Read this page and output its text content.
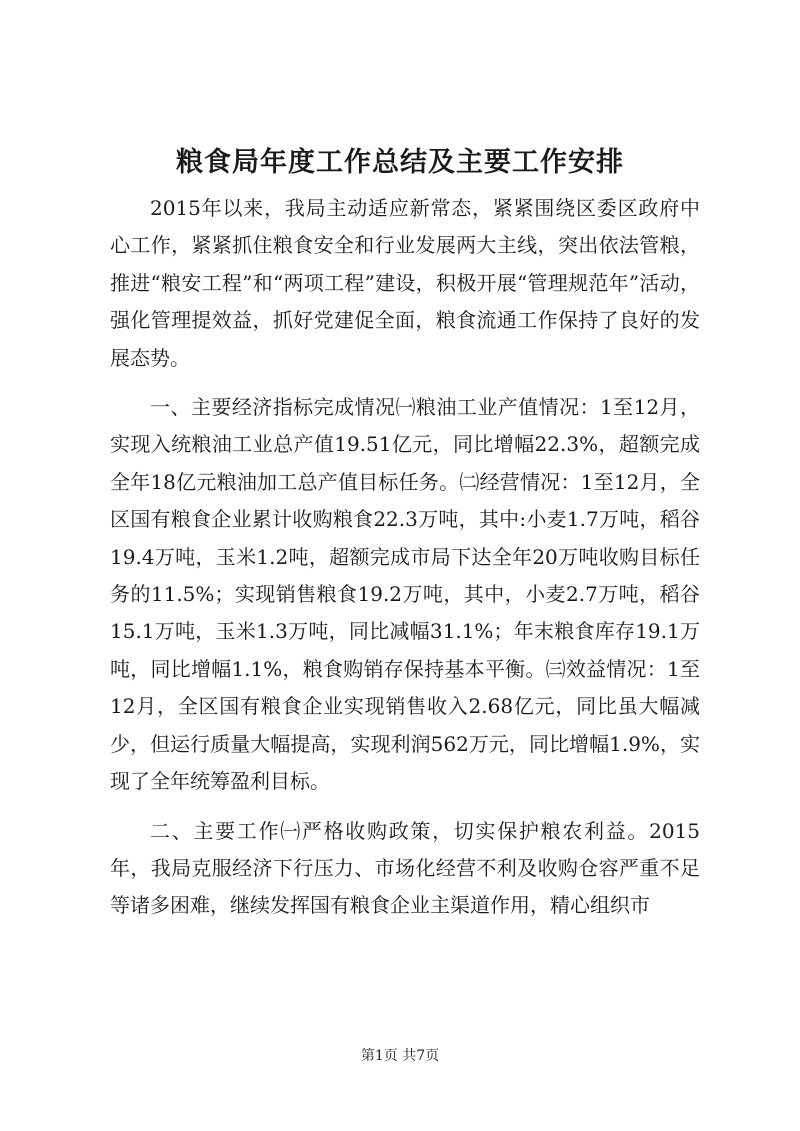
粮食局年度工作总结及主要工作安排

2015年以来，我局主动适应新常态，紧紧围绕区委区政府中心工作，紧紧抓住粮食安全和行业发展两大主线，突出依法管粮，推进“粮安工程”和“两项工程”建设，积极开展“管理规范年”活动，强化管理提效益，抓好党建促全面，粮食流通工作保持了良好的发展态势。

一、主要经济指标完成情况㈠粮油工业产值情况：1至12月，实现入统粮油工业总产值19.51亿元，同比增幅22.3%，超额完成全年18亿元粮油加工总产值目标任务。㈡经营情况：1至12月，全区国有粮食企业累计收购粮食22.3万吨，其中:小麦1.7万吨，稻谷19.4万吨，玉米1.2吨，超额完成市局下达全年20万吨收购目标任务的11.5%；实现销售粮食19.2万吨，其中，小麦2.7万吨，稻谷15.1万吨，玉米1.3万吨，同比减幅31.1%；年末粮食库存19.1万吨，同比增幅1.1%，粮食购销存保持基本平衡。㈢效益情况：1至12月，全区国有粮食企业实现销售收入2.68亿元，同比虽大幅减少，但运行质量大幅提高，实现利润562万元，同比增幅1.9%，实现了全年统筹盈利目标。

二、主要工作㈠严格收购政策，切实保护粮农利益。2015年，我局克服经济下行压力、市场化经营不利及收购仓容严重不足等诸多困难，继续发挥国有粮食企业主渠道作用，精心组织市

第1页 共7页
